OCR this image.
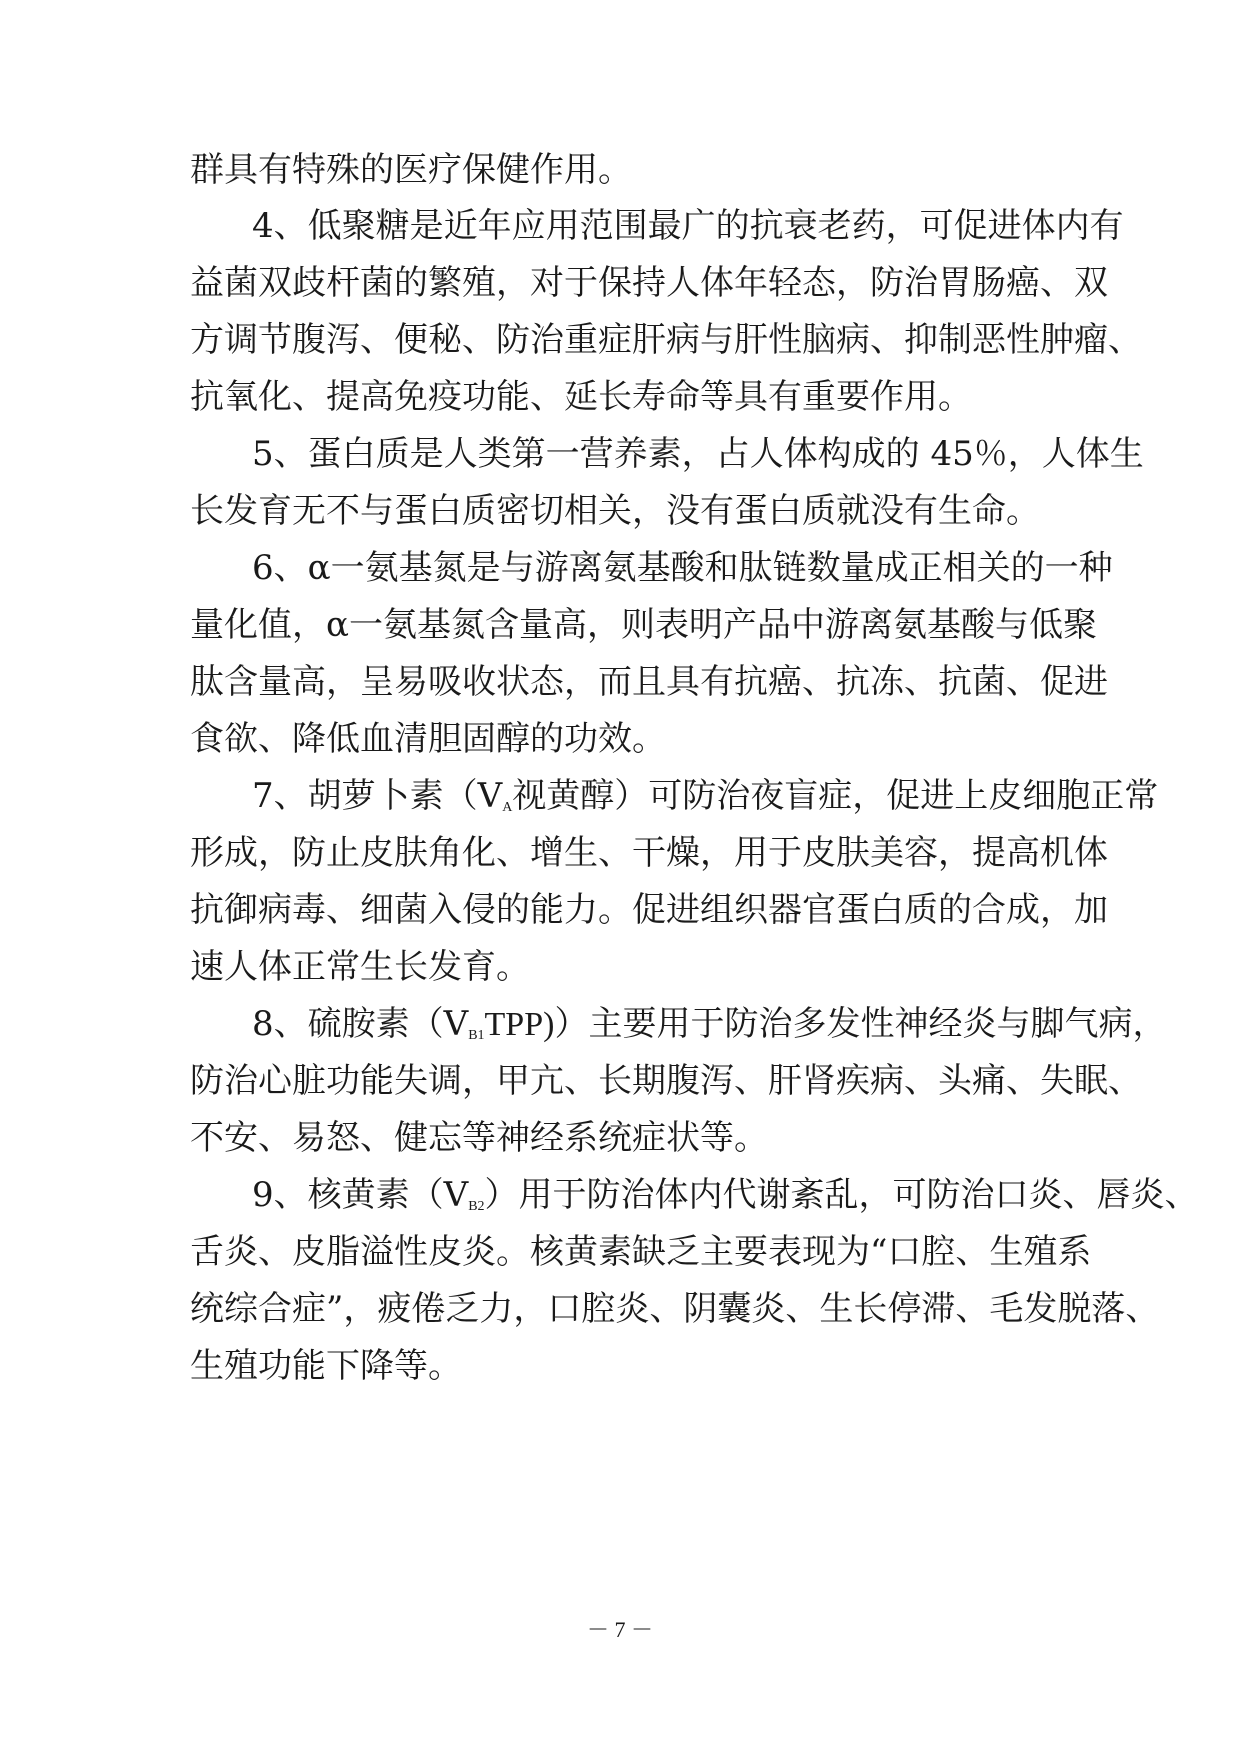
群具有特殊的医疗保健作用。
4、低聚糖是近年应用范围最广的抗衰老药，可促进体内有
益菌双歧杆菌的繁殖，对于保持人体年轻态，防治胃肠癌、双
方调节腹泻、便秘、防治重症肝病与肝性脑病、抑制恶性肿瘤、
抗氧化、提高免疫功能、延长寿命等具有重要作用。
5、蛋白质是人类第一营养素，占人体构成的 45％，人体生
长发育无不与蛋白质密切相关，没有蛋白质就没有生命。
6、α一氨基氮是与游离氨基酸和肽链数量成正相关的一种
量化值，α一氨基氮含量高，则表明产品中游离氨基酸与低聚
肽含量高，呈易吸收状态，而且具有抗癌、抗冻、抗菌、促进
食欲、降低血清胆固醇的功效。
7、胡萝卜素（$V_A$视黄醇）可防治夜盲症，促进上皮细胞正常
形成，防止皮肤角化、增生、干燥，用于皮肤美容，提高机体
抗御病毒、细菌入侵的能力。促进组织器官蛋白质的合成，加
速人体正常生长发育。
8、硫胺素$(V_{B1}TPP)$）主要用于防治多发性神经炎与脚气病，
防治心脏功能失调，甲亢、长期腹泻、肝肾疾病、头痛、失眠、
不安、易怒、健忘等神经系统症状等。
9、核黄素$(V_{B2})$用于防治体内代谢紊乱，可防治口炎、唇炎、
舌炎、皮脂溢性皮炎。核黄素缺乏主要表现为“口腔、生殖系
统综合症”，疲倦乏力，口腔炎、阴囊炎、生长停滞、毛发脱落、
生殖功能下降等。
－ 7 －
